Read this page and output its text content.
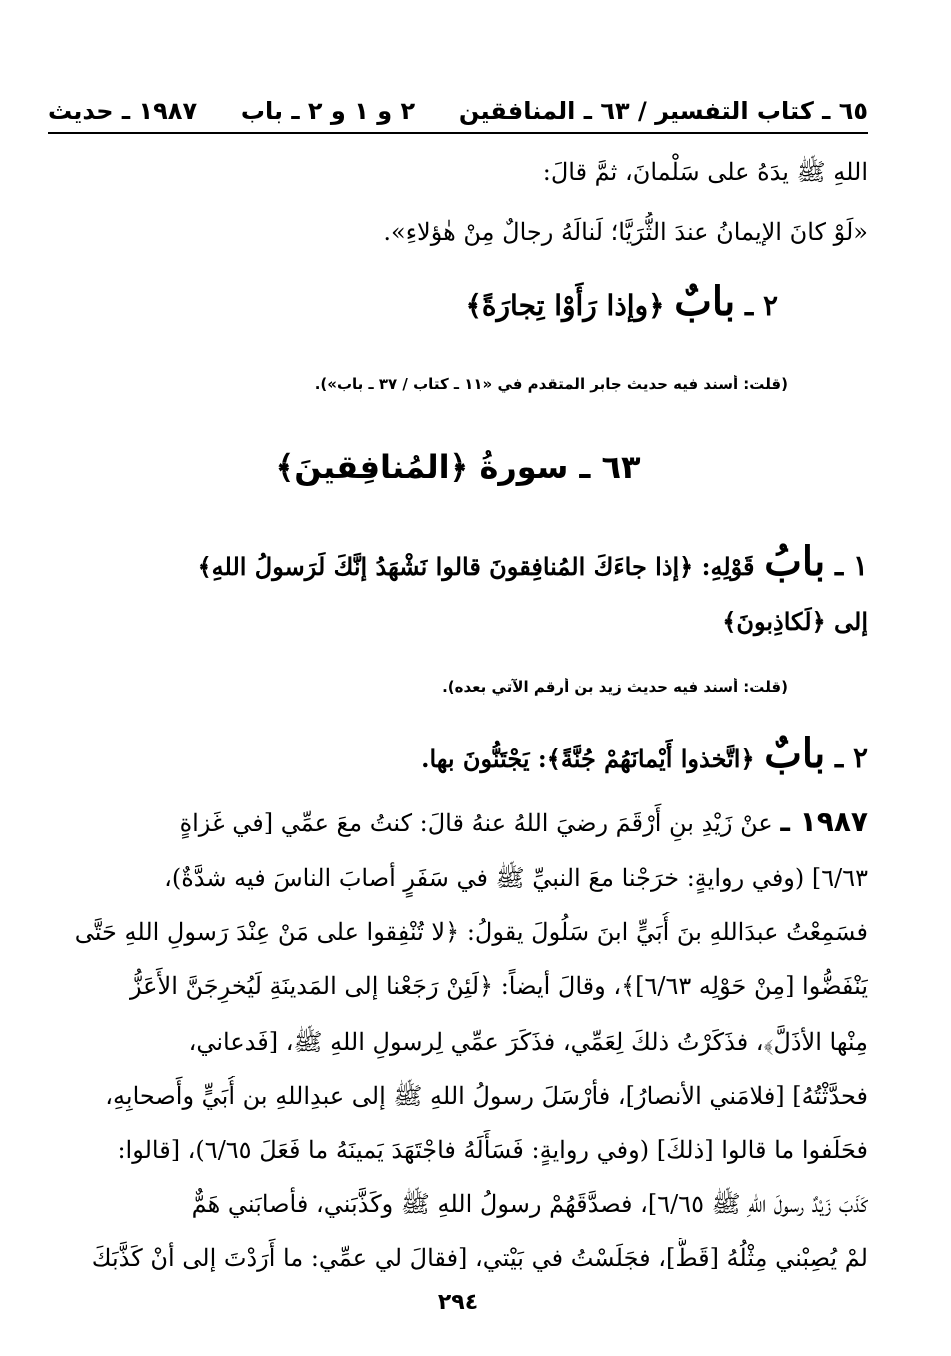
٦٥ ـ كتاب التفسير / ٦٣ ـ المنافقين
٢ و ١ و ٢ ـ باب
١٩٨٧ ـ حديث
اللهِ ﷺ يدَهُ على سَلْمانَ، ثمَّ قالَ:
«لَوْ كانَ الإيمانُ عندَ الثُّرَيَّا؛ لَنالَهُ رجالٌ مِنْ هٰؤلاءِ».
٢ ـ بابٌ ﴿وإذا رَأَوْا تِجارَةً﴾
(قلت: أسند فيه حديث جابر المتقدم في «١١ ـ كتاب / ٣٧ ـ باب»).
٦٣ ـ سورةُ ﴿المُنافِقينَ﴾
١ ـ بابُ قَوْلِهِ: ﴿إذا جاءَكَ المُنافِقونَ قالوا نَشْهَدُ إنَّكَ لَرَسولُ اللهِ﴾
إلى ﴿لَكاذِبونَ﴾
(قلت: أسند فيه حديث زيد بن أرقم الآتي بعده).
٢ ـ بابٌ ﴿اتَّخذوا أَيْمانَهُمْ جُنَّةً﴾: يَجْتَنُّونَ بها.
١٩٨٧ ـ عنْ زَيْدِ بنِ أَرْقَمَ رضيَ اللهُ عنهُ قالَ: كنتُ معَ عمِّي [في غَزاةٍ
٦/٦٣] (وفي روايةٍ: خرَجْنا معَ النبيِّ ﷺ في سَفَرٍ أصابَ الناسَ فيه شدَّةٌ)،
فسَمِعْتُ عبدَاللهِ بنَ أُبَيٍّ ابنَ سَلُولَ يقولُ: ﴿لا تُنْفِقوا على مَنْ عِنْدَ رَسولِ اللهِ حَتَّى
يَنْفَضُّوا [مِنْ حَوْلِه ٦/٦٣]﴾، وقالَ أيضاً: ﴿لَئِنْ رَجَعْنا إلى المَدينَةِ لَيُخرِجَنَّ الأَعَزُّ
مِنْها الأذَلَّ﴾، فذَكَرْتُ ذلكَ لِعَمِّي، فذَكَرَ عمِّي لِرسولِ اللهِ ﷺ، [فَدعاني،
فحدَّثْتُهُ] [فلامَني الأنصارُ]، فأرْسَلَ رسولُ اللهِ ﷺ إلى عبدِاللهِ بن أُبَيٍّ وأَصحابِهِ،
فحَلَفوا ما قالوا [ذلكَ] (وفي روايةٍ: فَسَأَلَهُ فاجْتَهَدَ يَمينَهُ ما فَعَلَ ٦/٦٥)، [قالوا:
كَذَبَ زَيْدٌ رسولَ اللهِ ﷺ ٦/٦٥]، فصدَّقَهُمْ رسولُ اللهِ ﷺ وكَذَّبَني، فأصابَني هَمٌّ
لمْ يُصِبْني مِثْلُهُ [قَطُّ]، فجَلَسْتُ في بَيْتي، [فقالَ لي عمِّي: ما أَرَدْتَ إلى أنْ كَذَّبَكَ
٢٩٤
